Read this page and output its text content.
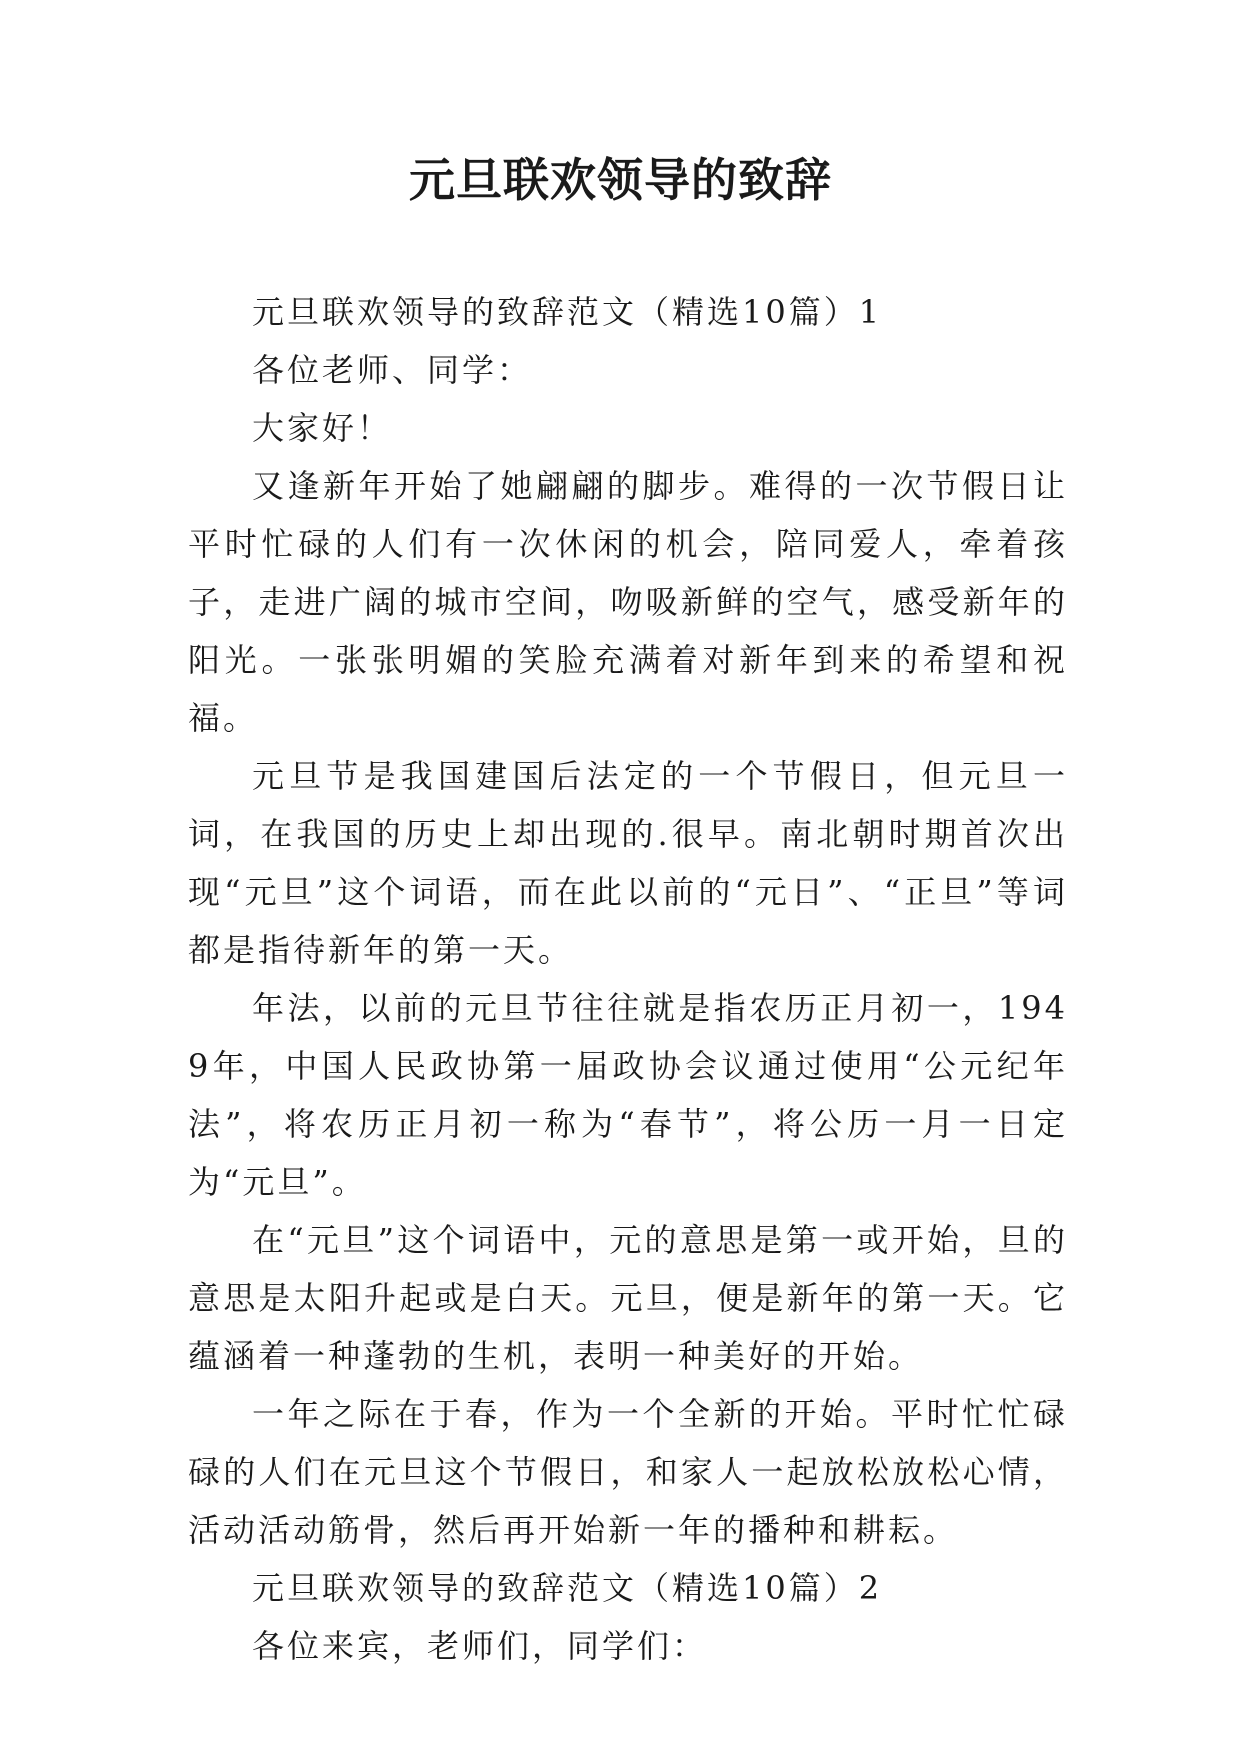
元旦联欢领导的致辞

元旦联欢领导的致辞范文（精选10篇）1

各位老师、同学：

大家好！

又逢新年开始了她翩翩的脚步。难得的一次节假日让平时忙碌的人们有一次休闲的机会，陪同爱人，牵着孩子，走进广阔的城市空间，吻吸新鲜的空气，感受新年的阳光。一张张明媚的笑脸充满着对新年到来的希望和祝福。

元旦节是我国建国后法定的一个节假日，但元旦一词，在我国的历史上却出现的.很早。南北朝时期首次出现“元旦”这个词语，而在此以前的“元日”、“正旦”等词都是指待新年的第一天。

年法，以前的元旦节往往就是指农历正月初一，1949年，中国人民政协第一届政协会议通过使用“公元纪年法”，将农历正月初一称为“春节”，将公历一月一日定为“元旦”。

在“元旦”这个词语中，元的意思是第一或开始，旦的意思是太阳升起或是白天。元旦，便是新年的第一天。它蕴涵着一种蓬勃的生机，表明一种美好的开始。

一年之际在于春，作为一个全新的开始。平时忙忙碌碌的人们在元旦这个节假日，和家人一起放松放松心情，活动活动筋骨，然后再开始新一年的播种和耕耘。

元旦联欢领导的致辞范文（精选10篇）2

各位来宾，老师们，同学们：
